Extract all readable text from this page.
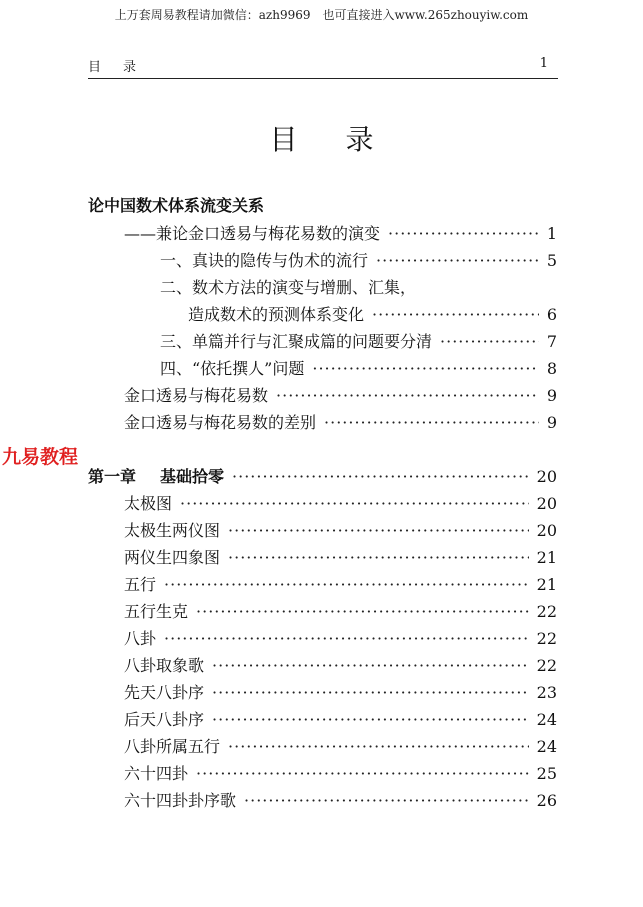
上万套周易教程请加微信：azh9969　也可直接进入www.265zhouyiw.com
目录	1
目录
论中国数术体系流变关系
九易教程
——兼论金口透易与梅花易数的演变 ·····	1
一、真诀的隐传与伪术的流行 ·····	5
二、数术方法的演变与增删、汇集，
造成数术的预测体系变化 ·····	6
三、单篇并行与汇聚成篇的问题要分清 ·····	7
四、“依托撰人”问题 ·····	8
金口透易与梅花易数 ·····	9
金口透易与梅花易数的差别 ·····	9
第一章 基础拾零 ·····	20
太极图 ·····	20
太极生两仪图 ·····	20
两仪生四象图 ·····	21
五行 ·····	21
五行生克 ·····	22
八卦 ·····	22
八卦取象歌 ·····	22
先天八卦序 ·····	23
后天八卦序 ·····	24
八卦所属五行 ·····	24
六十四卦 ·····	25
六十四卦卦序歌 ·····	26
